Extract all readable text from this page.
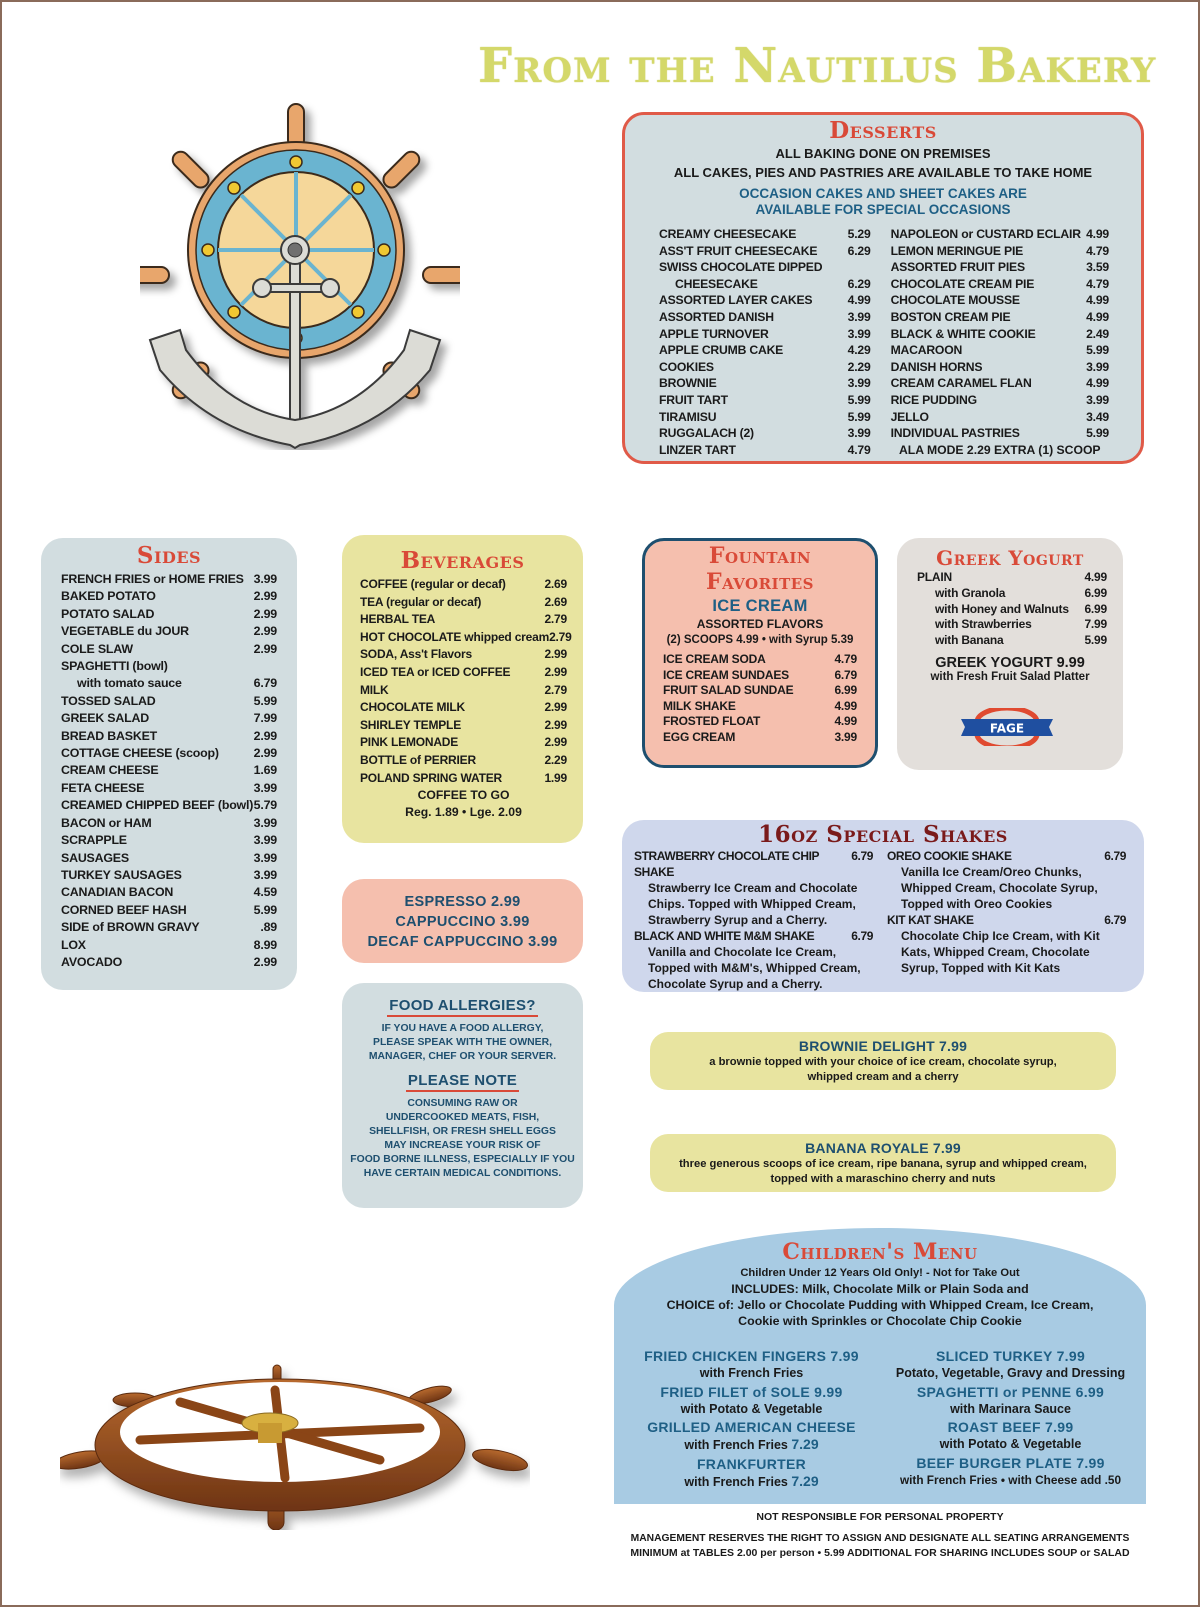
From the Nautilus Bakery
Desserts
ALL BAKING DONE ON PREMISES
ALL CAKES, PIES AND PASTRIES ARE AVAILABLE TO TAKE HOME
OCCASION CAKES AND SHEET CAKES ARE
AVAILABLE FOR SPECIAL OCCASIONS
CREAMY CHEESECAKE	5.29
ASS'T FRUIT CHEESECAKE 6.29
SWISS CHOCOLATE DIPPED
CHEESECAKE	6.29
ASSORTED LAYER CAKES	4.99
ASSORTED DANISH	3.99
APPLE TURNOVER	3.99
APPLE CRUMB CAKE	4.29
COOKIES	2.29
BROWNIE	3.99
FRUIT TART	5.99
TIRAMISU	5.99
RUGGALACH (2)	3.99
LINZER TART	4.79
NAPOLEON or CUSTARD ECLAIR 4.99
LEMON MERINGUE PIE	4.79
ASSORTED FRUIT PIES	3.59
CHOCOLATE CREAM PIE	4.79
CHOCOLATE MOUSSE	4.99
BOSTON CREAM PIE	4.99
BLACK & WHITE COOKIE	2.49
MACAROON	5.99
DANISH HORNS	3.99
CREAM CARAMEL FLAN	4.99
RICE PUDDING	3.99
JELLO	3.49
INDIVIDUAL PASTRIES	5.99
ALA MODE 2.29 EXTRA (1) SCOOP
Sides
FRENCH FRIES or HOME FRIES 3.99
BAKED POTATO	2.99
POTATO SALAD	2.99
VEGETABLE du JOUR	2.99
COLE SLAW	2.99
SPAGHETTI (bowl)
with tomato sauce	6.79
TOSSED SALAD	5.99
GREEK SALAD	7.99
BREAD BASKET	2.99
COTTAGE CHEESE (scoop)	2.99
CREAM CHEESE	1.69
FETA CHEESE	3.99
CREAMED CHIPPED BEEF (bowl) 5.79
BACON or HAM	3.99
SCRAPPLE	3.99
SAUSAGES	3.99
TURKEY SAUSAGES	3.99
CANADIAN BACON	4.59
CORNED BEEF HASH	5.99
SIDE of BROWN GRAVY	.89
LOX	8.99
AVOCADO	2.99
Beverages
COFFEE (regular or decaf)	2.69
TEA (regular or decaf)	2.69
HERBAL TEA	2.79
HOT CHOCOLATE whipped cream 2.79
SODA, Ass't Flavors	2.99
ICED TEA or ICED COFFEE	2.99
MILK	2.79
CHOCOLATE MILK	2.99
SHIRLEY TEMPLE	2.99
PINK LEMONADE	2.99
BOTTLE of PERRIER	2.29
POLAND SPRING WATER	1.99
COFFEE TO GO
Reg. 1.89 • Lge. 2.09
ESPRESSO 2.99
CAPPUCCINO 3.99
DECAF CAPPUCCINO 3.99
FOOD ALLERGIES?
IF YOU HAVE A FOOD ALLERGY,
PLEASE SPEAK WITH THE OWNER,
MANAGER, CHEF OR YOUR SERVER.
PLEASE NOTE
CONSUMING RAW OR
UNDERCOOKED MEATS, FISH,
SHELLFISH, OR FRESH SHELL EGGS
MAY INCREASE YOUR RISK OF
FOOD BORNE ILLNESS, ESPECIALLY IF YOU
HAVE CERTAIN MEDICAL CONDITIONS.
Fountain
Favorites
ICE CREAM
ASSORTED FLAVORS
(2) SCOOPS 4.99 • with Syrup 5.39
ICE CREAM SODA	4.79
ICE CREAM SUNDAES	6.79
FRUIT SALAD SUNDAE	6.99
MILK SHAKE	4.99
FROSTED FLOAT	4.99
EGG CREAM	3.99
Greek Yogurt
PLAIN	4.99
with Granola	6.99
with Honey and Walnuts 6.99
with Strawberries	7.99
with Banana	5.99
GREEK YOGURT 9.99
with Fresh Fruit Salad Platter
FAGE
16oz Special Shakes
STRAWBERRY CHOCOLATE CHIP SHAKE
6.79
Strawberry Ice Cream and Chocolate Chips. Topped with Whipped Cream, Strawberry Syrup and a Cherry.
BLACK AND WHITE M&M SHAKE	6.79
Vanilla and Chocolate Ice Cream, Topped with M&M's, Whipped Cream, Chocolate Syrup and a Cherry.
OREO COOKIE SHAKE	6.79
Vanilla Ice Cream/Oreo Chunks, Whipped Cream, Chocolate Syrup, Topped with Oreo Cookies
KIT KAT SHAKE	6.79
Chocolate Chip Ice Cream, with Kit Kats, Whipped Cream, Chocolate Syrup, Topped with Kit Kats
BROWNIE DELIGHT 7.99
a brownie topped with your choice of ice cream, chocolate syrup,
whipped cream and a cherry
BANANA ROYALE 7.99
three generous scoops of ice cream, ripe banana, syrup and whipped cream,
topped with a maraschino cherry and nuts
Children's Menu
Children Under 12 Years Old Only! - Not for Take Out
INCLUDES: Milk, Chocolate Milk or Plain Soda and
CHOICE of: Jello or Chocolate Pudding with Whipped Cream, Ice Cream,
Cookie with Sprinkles or Chocolate Chip Cookie
FRIED CHICKEN FINGERS 7.99
with French Fries
FRIED FILET of SOLE 9.99
with Potato & Vegetable
GRILLED AMERICAN CHEESE
with French Fries 7.29
FRANKFURTER
with French Fries 7.29
SLICED TURKEY 7.99
Potato, Vegetable, Gravy and Dressing
SPAGHETTI or PENNE 6.99
with Marinara Sauce
ROAST BEEF 7.99
with Potato & Vegetable
BEEF BURGER PLATE 7.99
with French Fries • with Cheese add .50
NOT RESPONSIBLE FOR PERSONAL PROPERTY
MANAGEMENT RESERVES THE RIGHT TO ASSIGN AND DESIGNATE ALL SEATING ARRANGEMENTS
MINIMUM at TABLES 2.00 per person • 5.99 ADDITIONAL FOR SHARING INCLUDES SOUP or SALAD
